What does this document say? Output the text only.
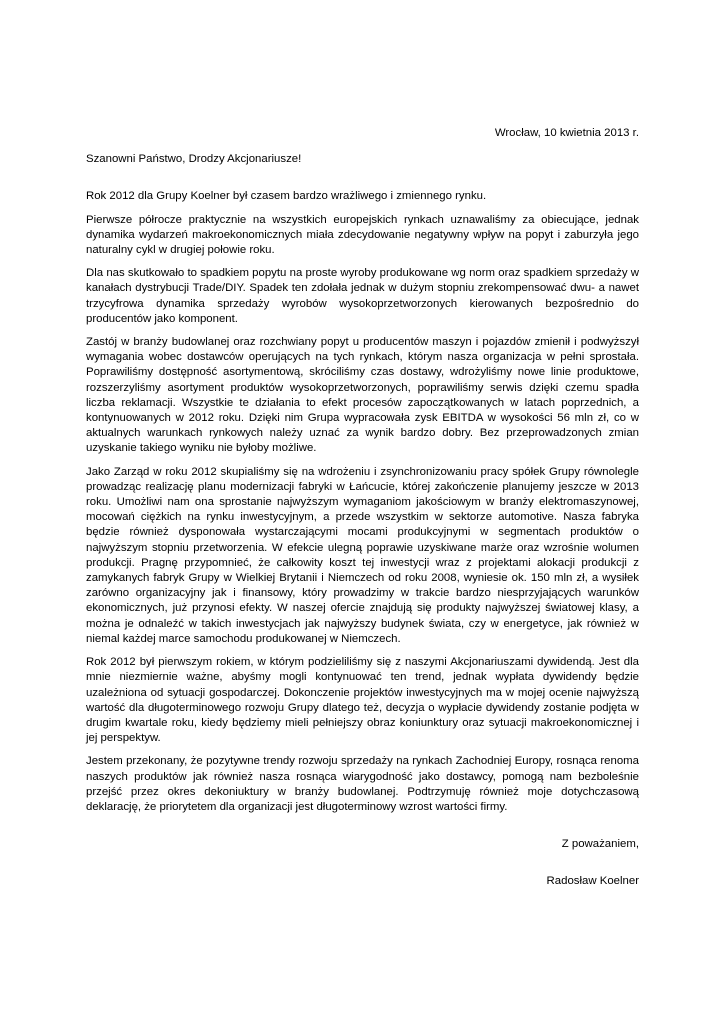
Wrocław, 10 kwietnia 2013 r.
Szanowni Państwo, Drodzy Akcjonariusze!

Rok 2012 dla Grupy Koelner był czasem bardzo wrażliwego i zmiennego rynku.

Pierwsze półrocze praktycznie na wszystkich europejskich rynkach uznawaliśmy za obiecujące, jednak dynamika wydarzeń makroekonomicznych miała zdecydowanie negatywny wpływ na popyt i zaburzyła jego naturalny cykl w drugiej połowie roku.

Dla nas skutkowało to spadkiem popytu na proste wyroby produkowane wg norm oraz spadkiem sprzedaży w kanałach dystrybucji Trade/DIY. Spadek ten zdołała jednak w dużym stopniu zrekompensować dwu- a nawet trzycyfrowa dynamika sprzedaży wyrobów wysokoprzetworzonych kierowanych bezpośrednio do producentów jako komponent.

Zastój w branży budowlanej oraz rozchwiany popyt u producentów maszyn i pojazdów zmienił i podwyższył wymagania wobec dostawców operujących na tych rynkach, którym nasza organizacja w pełni sprostała. Poprawiliśmy dostępność asortymentową, skróciliśmy czas dostawy, wdrożyliśmy nowe linie produktowe, rozszerzyliśmy asortyment produktów wysokoprzetworzonych, poprawiliśmy serwis dzięki czemu spadła liczba reklamacji. Wszystkie te działania to efekt procesów zapoczątkowanych w latach poprzednich, a kontynuowanych w 2012 roku. Dzięki nim Grupa wypracowała zysk EBITDA w wysokości 56 mln zł, co w aktualnych warunkach rynkowych należy uznać za wynik bardzo dobry. Bez przeprowadzonych zmian uzyskanie takiego wyniku nie byłoby możliwe.

Jako Zarząd w roku 2012 skupialiśmy się na wdrożeniu i zsynchronizowaniu pracy spółek Grupy równolegle prowadząc realizację planu modernizacji fabryki w Łańcucie, której zakończenie planujemy jeszcze w 2013 roku. Umożliwi nam ona sprostanie najwyższym wymaganiom jakościowym w branży elektromaszynowej, mocowań ciężkich na rynku inwestycyjnym, a przede wszystkim w sektorze automotive. Nasza fabryka będzie również dysponowała wystarczającymi mocami produkcyjnymi w segmentach produktów o najwyższym stopniu przetworzenia. W efekcie ulegną poprawie uzyskiwane marże oraz wzrośnie wolumen produkcji. Pragnę przypomnieć, że całkowity koszt tej inwestycji wraz z projektami alokacji produkcji z zamykanych fabryk Grupy w Wielkiej Brytanii i Niemczech od roku 2008, wyniesie ok. 150 mln zł, a wysiłek zarówno organizacyjny jak i finansowy, który prowadzimy w trakcie bardzo niesprzyjających warunków ekonomicznych, już przynosi efekty. W naszej ofercie znajdują się produkty najwyższej światowej klasy, a można je odnaleźć w takich inwestycjach jak najwyższy budynek świata, czy w energetyce, jak również w niemal każdej marce samochodu produkowanej w Niemczech.

Rok 2012 był pierwszym rokiem, w którym podzieliliśmy się z naszymi Akcjonariuszami dywidendą. Jest dla mnie niezmiernie ważne, abyśmy mogli kontynuować ten trend, jednak wypłata dywidendy będzie uzależniona od sytuacji gospodarczej. Dokonczenie projektów inwestycyjnych ma w mojej ocenie najwyższą wartość dla długoterminowego rozwoju Grupy dlatego też, decyzja o wypłacie dywidendy zostanie podjęta w drugim kwartale roku, kiedy będziemy mieli pełniejszy obraz koniunktury oraz sytuacji makroekonomicznej i jej perspektyw.

Jestem przekonany, że pozytywne trendy rozwoju sprzedaży na rynkach Zachodniej Europy, rosnąca renoma naszych produktów jak również nasza rosnąca wiarygodność jako dostawcy, pomogą nam bezboleśnie przejść przez okres dekoniuktury w branży budowlanej. Podtrzymuję również moje dotychczasową deklarację, że priorytetem dla organizacji jest długoterminowy wzrost wartości firmy.

Z poważaniem,
Radosław Koelner
